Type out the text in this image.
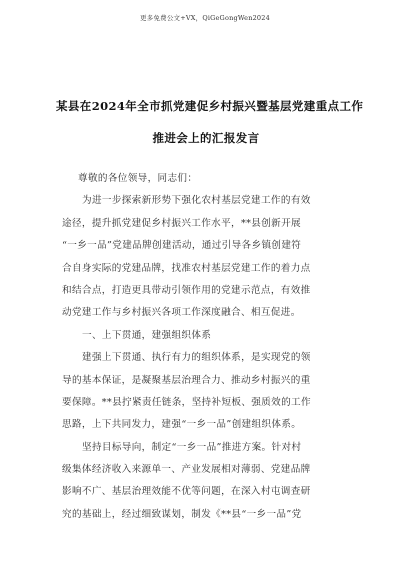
更多免费公文+VX，QiGeGongWen2024
某县在2024年全市抓党建促乡村振兴暨基层党建重点工作
推进会上的汇报发言
尊敬的各位领导，同志们：
为进一步探索新形势下强化农村基层党建工作的有效
途径，提升抓党建促乡村振兴工作水平，**县创新开展
“一乡一品”党建品牌创建活动，通过引导各乡镇创建符
合自身实际的党建品牌，找准农村基层党建工作的着力点
和结合点，打造更具带动引领作用的党建示范点，有效推
动党建工作与乡村振兴各项工作深度融合、相互促进。
一、上下贯通，建强组织体系
建强上下贯通、执行有力的组织体系，是实现党的领
导的基本保证，是凝聚基层治理合力、推动乡村振兴的重
要保障。**县拧紧责任链条，坚持补短板、强质效的工作
思路，上下共同发力，建强“一乡一品”创建组织体系。
坚持目标导向，制定“一乡一品”推进方案。针对村
级集体经济收入来源单一、产业发展相对薄弱、党建品牌
影响不广、基层治理效能不优等问题，在深入村屯调查研
究的基础上，经过细致谋划，制发《**县“一乡一品”党
